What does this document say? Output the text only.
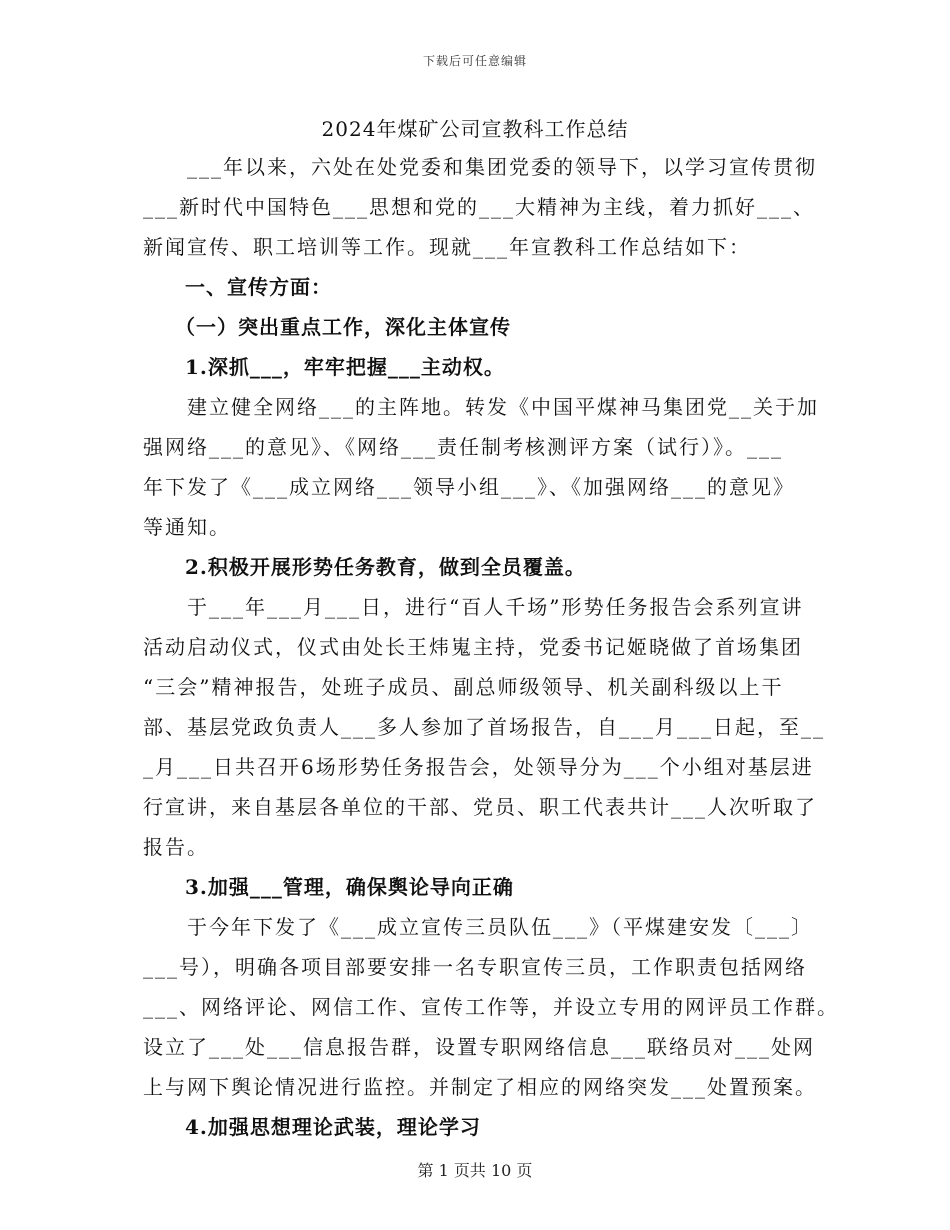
下载后可任意编辑
2024年煤矿公司宣教科工作总结
　　___年以来，六处在处党委和集团党委的领导下，以学习宣传贯彻
___新时代中国特色___思想和党的___大精神为主线，着力抓好___、
新闻宣传、职工培训等工作。现就___年宣教科工作总结如下：
　　一、宣传方面：
　　（一）突出重点工作，深化主体宣传
　　1.深抓___，牢牢把握___主动权。
　　建立健全网络___的主阵地。转发《中国平煤神马集团党__关于加
强网络___的意见》、《网络___责任制考核测评方案（试行）》。___
年下发了《___成立网络___领导小组___》、《加强网络___的意见》
等通知。
　　2.积极开展形势任务教育，做到全员覆盖。
　　于___年___月___日，进行“百人千场”形势任务报告会系列宣讲
活动启动仪式，仪式由处长王炜嵬主持，党委书记姬晓做了首场集团
“三会”精神报告，处班子成员、副总师级领导、机关副科级以上干
部、基层党政负责人___多人参加了首场报告，自___月___日起，至__
_月___日共召开6场形势任务报告会，处领导分为___个小组对基层进
行宣讲，来自基层各单位的干部、党员、职工代表共计___人次听取了
报告。
　　3.加强___管理，确保舆论导向正确
　　于今年下发了《___成立宣传三员队伍___》（平煤建安发〔___〕
___号），明确各项目部要安排一名专职宣传三员，工作职责包括网络
___、网络评论、网信工作、宣传工作等，并设立专用的网评员工作群。
设立了___处___信息报告群，设置专职网络信息___联络员对___处网
上与网下舆论情况进行监控。并制定了相应的网络突发___处置预案。
　　4.加强思想理论武装，理论学习
第 1 页共 10 页
